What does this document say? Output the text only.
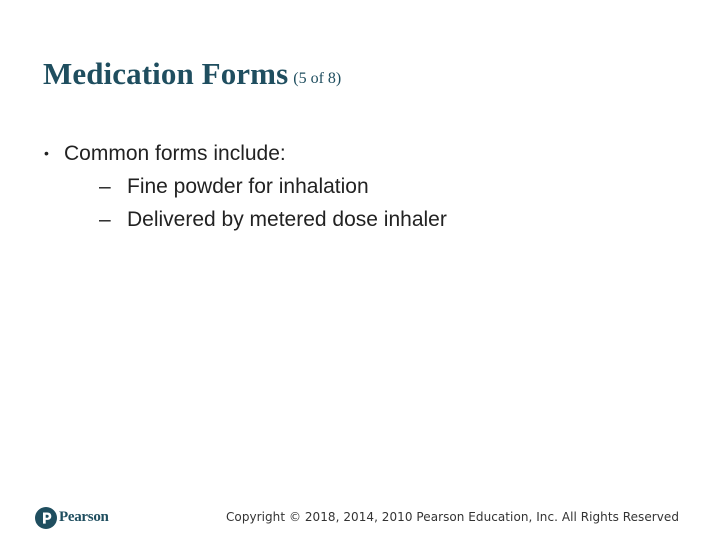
Medication Forms (5 of 8)
• Common forms include:
– Fine powder for inhalation
– Delivered by metered dose inhaler
Pearson	Copyright © 2018, 2014, 2010 Pearson Education, Inc. All Rights Reserved
